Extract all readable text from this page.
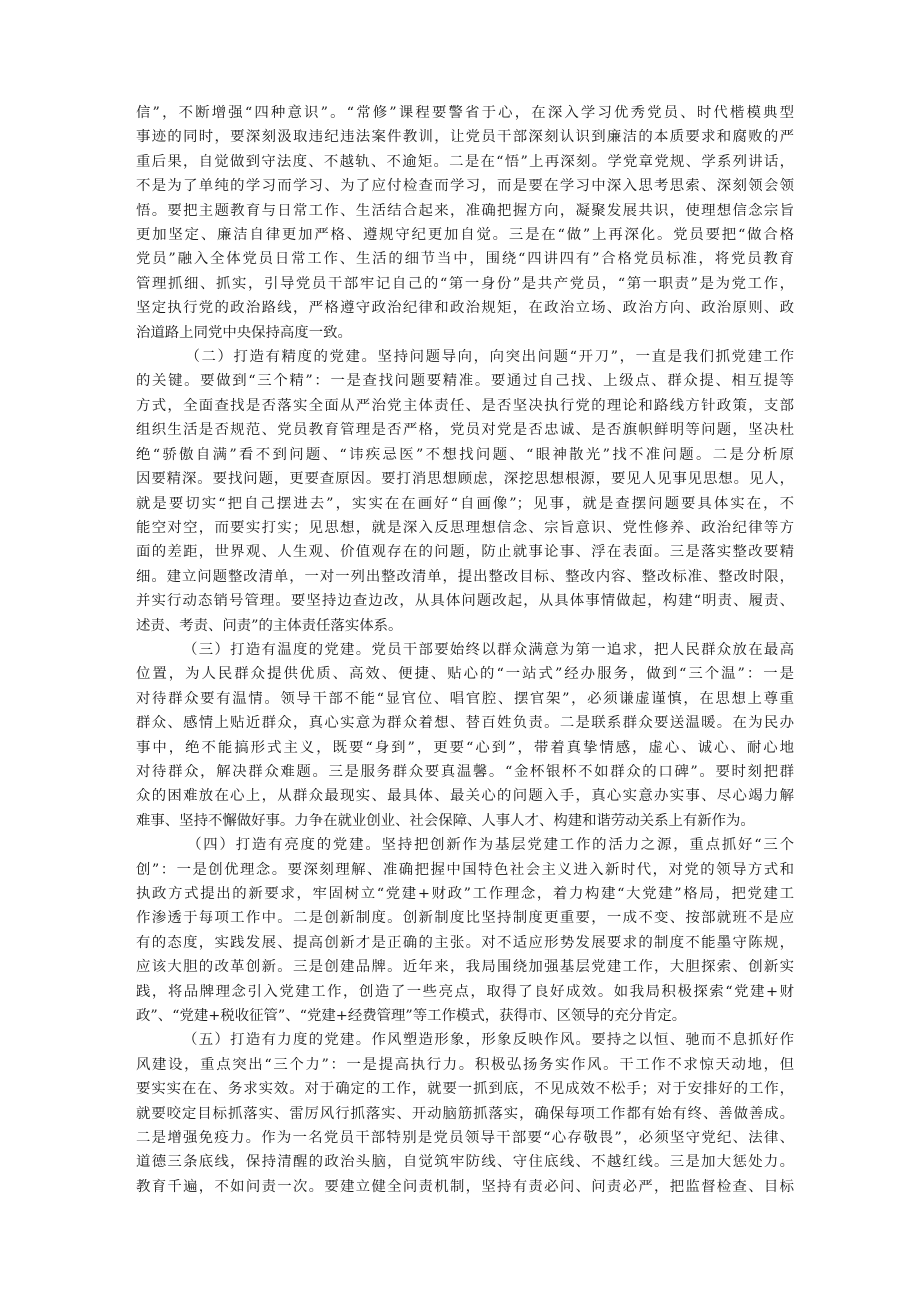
信”，不断增强“四种意识”。“常修”课程要警省于心，在深入学习优秀党员、时代楷模典型
事迹的同时，要深刻汲取违纪违法案件教训，让党员干部深刻认识到廉洁的本质要求和腐败的严
重后果，自觉做到守法度、不越轨、不逾矩。二是在“悟”上再深刻。学党章党规、学系列讲话，
不是为了单纯的学习而学习、为了应付检查而学习，而是要在学习中深入思考思索、深刻领会领
悟。要把主题教育与日常工作、生活结合起来，准确把握方向，凝聚发展共识，使理想信念宗旨
更加坚定、廉洁自律更加严格、遵规守纪更加自觉。三是在“做”上再深化。党员要把“做合格
党员”融入全体党员日常工作、生活的细节当中，围绕“四讲四有”合格党员标准，将党员教育
管理抓细、抓实，引导党员干部牢记自己的“第一身份”是共产党员，“第一职责”是为党工作，
坚定执行党的政治路线，严格遵守政治纪律和政治规矩，在政治立场、政治方向、政治原则、政
治道路上同党中央保持高度一致。
（二）打造有精度的党建。坚持问题导向，向突出问题“开刀”，一直是我们抓党建工作
的关键。要做到“三个精”：一是查找问题要精准。要通过自己找、上级点、群众提、相互提等
方式，全面查找是否落实全面从严治党主体责任、是否坚决执行党的理论和路线方针政策，支部
组织生活是否规范、党员教育管理是否严格，党员对党是否忠诚、是否旗帜鲜明等问题，坚决杜
绝“骄傲自满”看不到问题、“讳疾忌医”不想找问题、“眼神散光”找不准问题。二是分析原
因要精深。要找问题，更要查原因。要打消思想顾虑，深挖思想根源，要见人见事见思想。见人，
就是要切实“把自己摆进去”，实实在在画好“自画像”；见事，就是查摆问题要具体实在，不
能空对空，而要实打实；见思想，就是深入反思理想信念、宗旨意识、党性修养、政治纪律等方
面的差距，世界观、人生观、价值观存在的问题，防止就事论事、浮在表面。三是落实整改要精
细。建立问题整改清单，一对一列出整改清单，提出整改目标、整改内容、整改标准、整改时限，
并实行动态销号管理。要坚持边查边改，从具体问题改起，从具体事情做起，构建“明责、履责、
述责、考责、问责”的主体责任落实体系。
（三）打造有温度的党建。党员干部要始终以群众满意为第一追求，把人民群众放在最高
位置，为人民群众提供优质、高效、便捷、贴心的“一站式”经办服务，做到“三个温”：一是
对待群众要有温情。领导干部不能“显官位、唱官腔、摆官架”，必须谦虚谨慎，在思想上尊重
群众、感情上贴近群众，真心实意为群众着想、替百姓负责。二是联系群众要送温暖。在为民办
事中，绝不能搞形式主义，既要“身到”，更要“心到”，带着真挚情感，虚心、诚心、耐心地
对待群众，解决群众难题。三是服务群众要真温馨。“金杯银杯不如群众的口碑”。要时刻把群
众的困难放在心上，从群众最现实、最具体、最关心的问题入手，真心实意办实事、尽心竭力解
难事、坚持不懈做好事。力争在就业创业、社会保障、人事人才、构建和谐劳动关系上有新作为。
（四）打造有亮度的党建。坚持把创新作为基层党建工作的活力之源，重点抓好“三个
创”：一是创优理念。要深刻理解、准确把握中国特色社会主义进入新时代，对党的领导方式和
执政方式提出的新要求，牢固树立“党建+财政”工作理念，着力构建“大党建”格局，把党建工
作渗透于每项工作中。二是创新制度。创新制度比坚持制度更重要，一成不变、按部就班不是应
有的态度，实践发展、提高创新才是正确的主张。对不适应形势发展要求的制度不能墨守陈规，
应该大胆的改革创新。三是创建品牌。近年来，我局围绕加强基层党建工作，大胆探索、创新实
践，将品牌理念引入党建工作，创造了一些亮点，取得了良好成效。如我局积极探索“党建+财
政”、“党建+税收征管”、“党建+经费管理”等工作模式，获得市、区领导的充分肯定。
（五）打造有力度的党建。作风塑造形象，形象反映作风。要持之以恒、驰而不息抓好作
风建设，重点突出“三个力”：一是提高执行力。积极弘扬务实作风。干工作不求惊天动地，但
要实实在在、务求实效。对于确定的工作，就要一抓到底，不见成效不松手；对于安排好的工作，
就要咬定目标抓落实、雷厉风行抓落实、开动脑筋抓落实，确保每项工作都有始有终、善做善成。
二是增强免疫力。作为一名党员干部特别是党员领导干部要“心存敬畏”，必须坚守党纪、法律、
道德三条底线，保持清醒的政治头脑，自觉筑牢防线、守住底线、不越红线。三是加大惩处力。
教育千遍，不如问责一次。要建立健全问责机制，坚持有责必问、问责必严，把监督检查、目标
